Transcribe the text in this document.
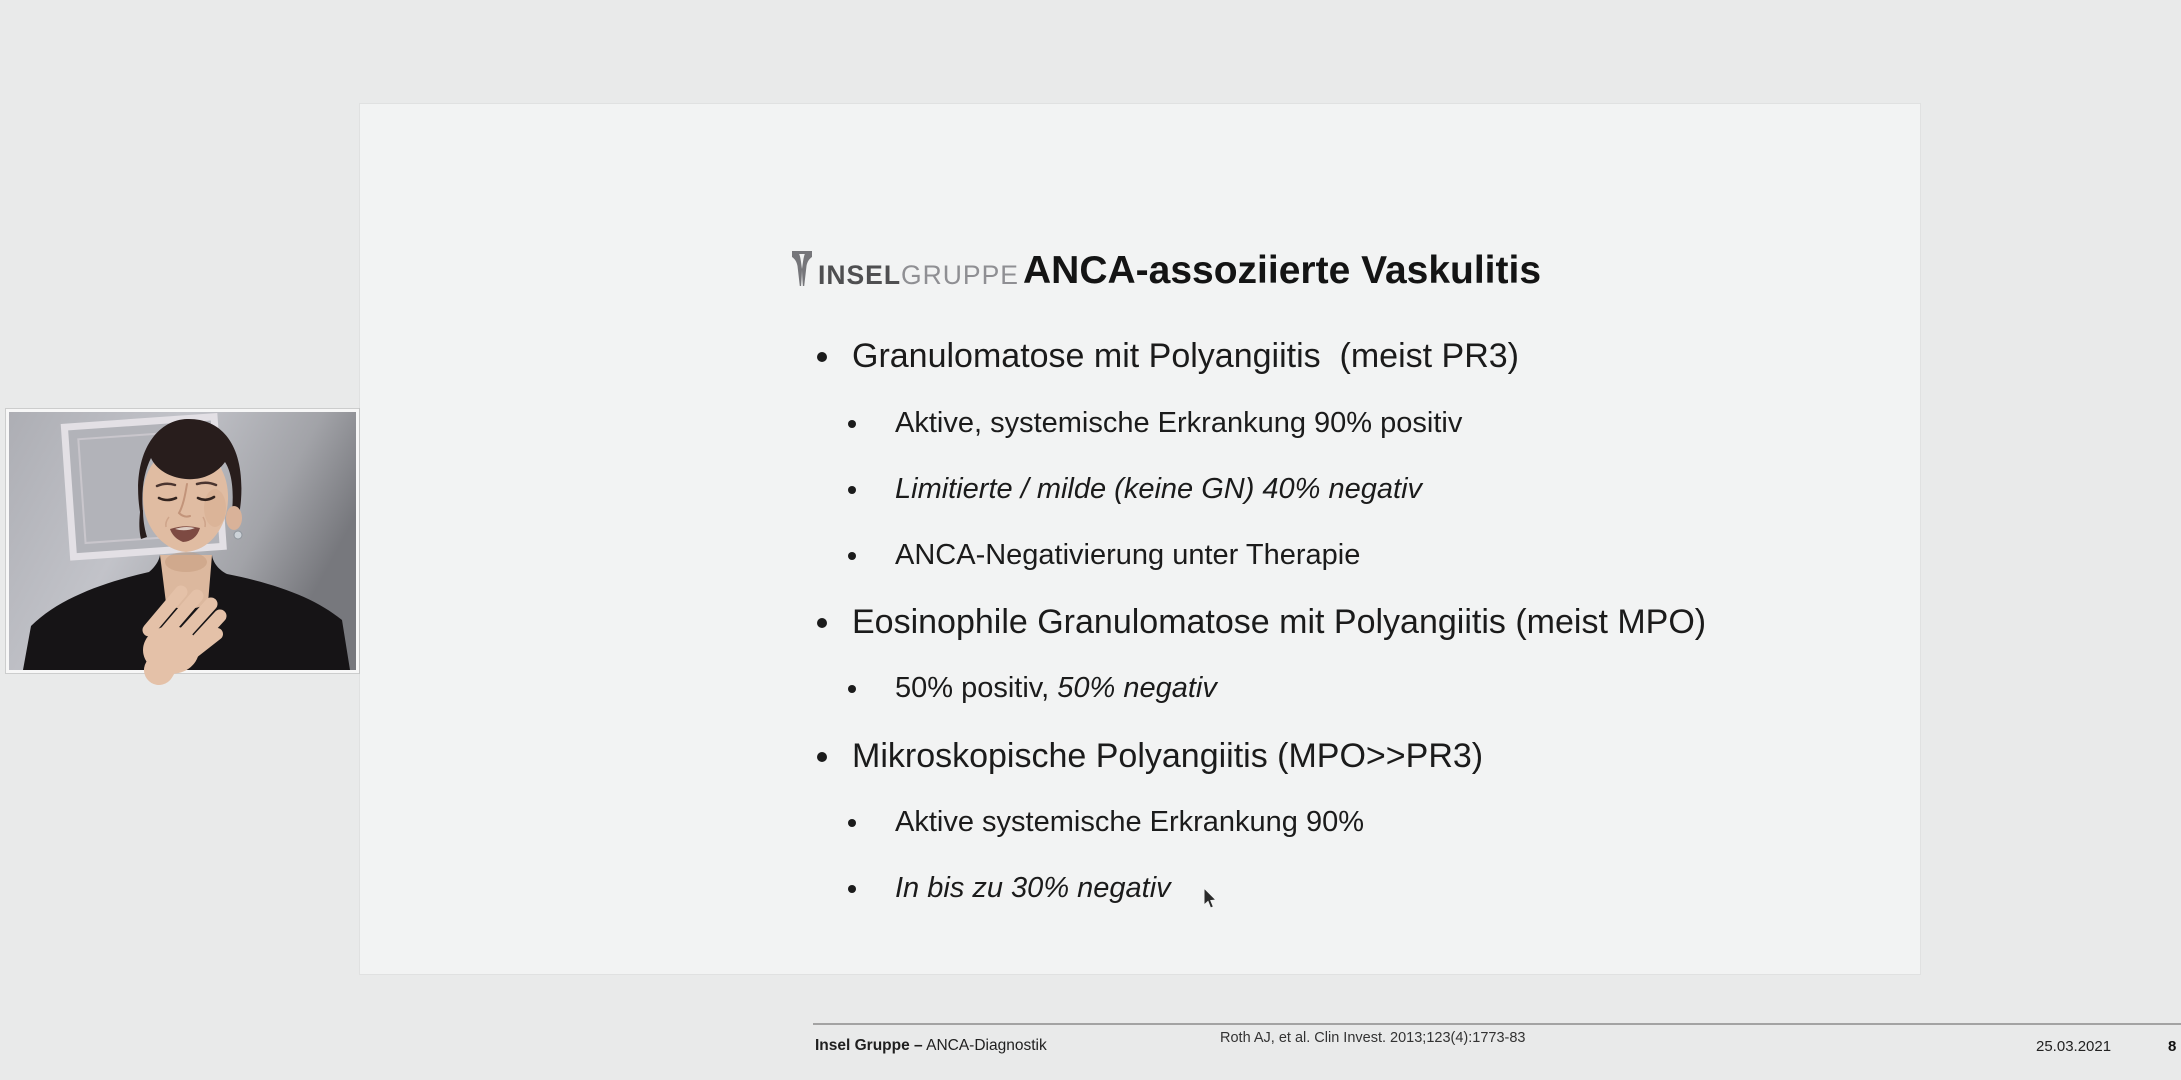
INSELGRUPPE ANCA-assoziierte Vaskulitis
Granulomatose mit Polyangiitis  (meist PR3)
Aktive, systemische Erkrankung 90% positiv
Limitierte / milde (keine GN) 40% negativ
ANCA-Negativierung unter Therapie
Eosinophile Granulomatose mit Polyangiitis (meist MPO)
50% positiv, 50% negativ
Mikroskopische Polyangiitis (MPO>>PR3)
Aktive systemische Erkrankung 90%
In bis zu 30% negativ
Insel Gruppe – ANCA-Diagnostik	Roth AJ, et al. Clin Invest. 2013;123(4):1773-83	25.03.2021	8
